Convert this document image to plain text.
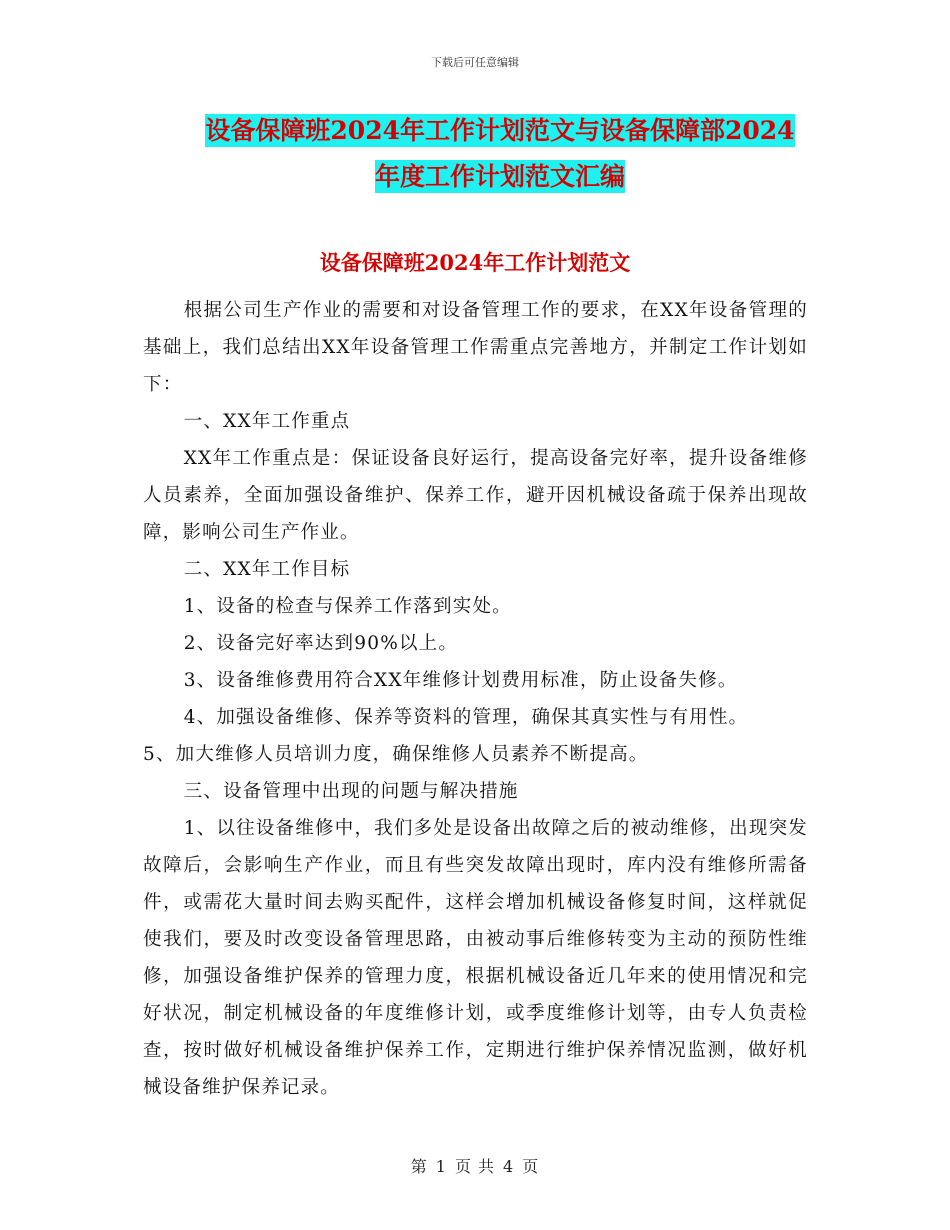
下载后可任意编辑
设备保障班2024年工作计划范文与设备保障部2024
年度工作计划范文汇编
设备保障班2024年工作计划范文

根据公司生产作业的需要和对设备管理工作的要求，在XX年设备管理的基础上，我们总结出XX年设备管理工作需重点完善地方，并制定工作计划如下：

一、XX年工作重点

XX年工作重点是：保证设备良好运行，提高设备完好率，提升设备维修人员素养，全面加强设备维护、保养工作，避开因机械设备疏于保养出现故障，影响公司生产作业。

二、XX年工作目标

1、设备的检查与保养工作落到实处。

2、设备完好率达到90%以上。

3、设备维修费用符合XX年维修计划费用标准，防止设备失修。

4、加强设备维修、保养等资料的管理，确保其真实性与有用性。

5、加大维修人员培训力度，确保维修人员素养不断提高。

三、设备管理中出现的问题与解决措施

1、以往设备维修中，我们多处是设备出故障之后的被动维修，出现突发故障后，会影响生产作业，而且有些突发故障出现时，库内没有维修所需备件，或需花大量时间去购买配件，这样会增加机械设备修复时间，这样就促使我们，要及时改变设备管理思路，由被动事后维修转变为主动的预防性维修，加强设备维护保养的管理力度，根据机械设备近几年来的使用情况和完好状况，制定机械设备的年度维修计划，或季度维修计划等，由专人负责检查，按时做好机械设备维护保养工作，定期进行维护保养情况监测，做好机械设备维护保养记录。

第 1 页 共 4 页
